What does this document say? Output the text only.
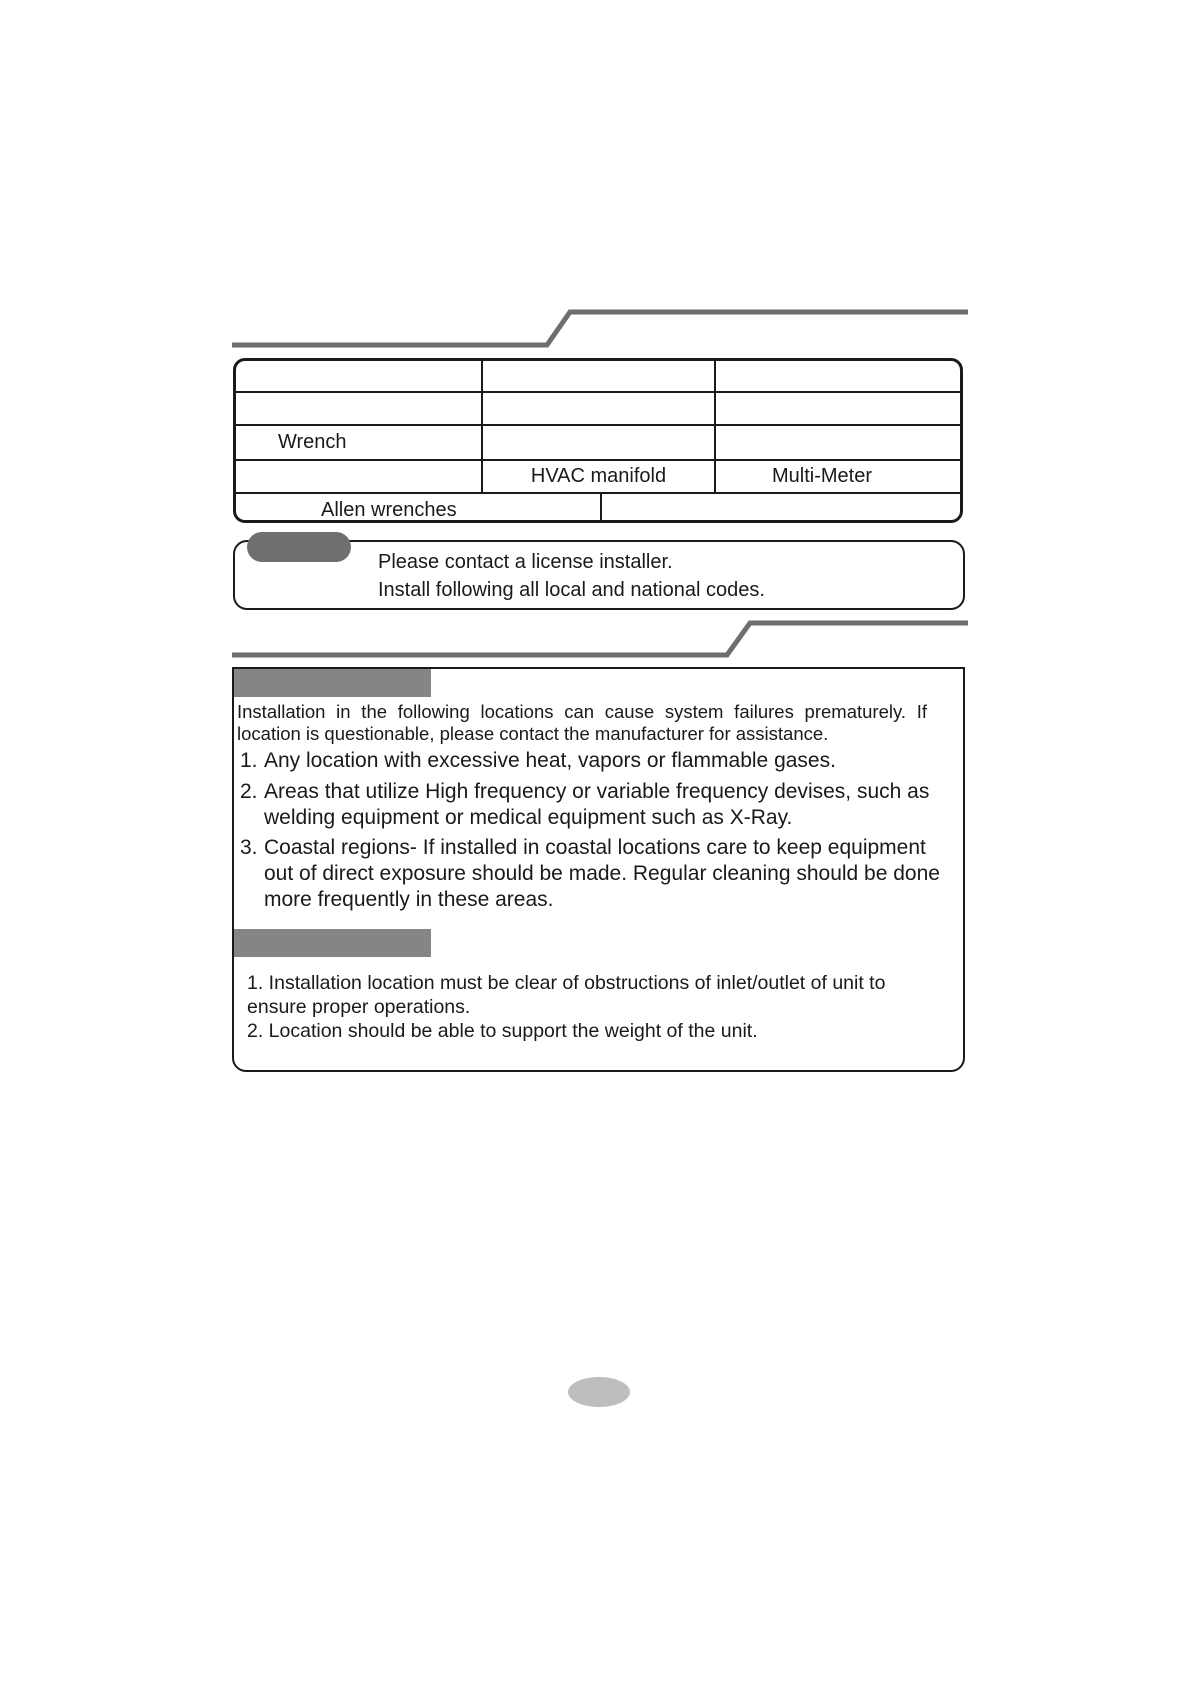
Wrench
HVAC manifold	Multi-Meter
Allen wrenches
Please contact a license installer.
Install following all local and national codes.
Installation in the following locations can cause system failures prematurely. If
location is questionable, please contact the manufacturer for assistance.
1. Any location with excessive heat, vapors or flammable gases.
2. Areas that utilize High frequency or variable frequency devises, such as
welding equipment or medical equipment such as X-Ray.
3. Coastal regions- If installed in coastal locations care to keep equipment
out of direct exposure should be made. Regular cleaning should be done
more frequently in these areas.
1. Installation location must be clear of obstructions of inlet/outlet of unit to
ensure proper operations.
2. Location should be able to support the weight of the unit.
